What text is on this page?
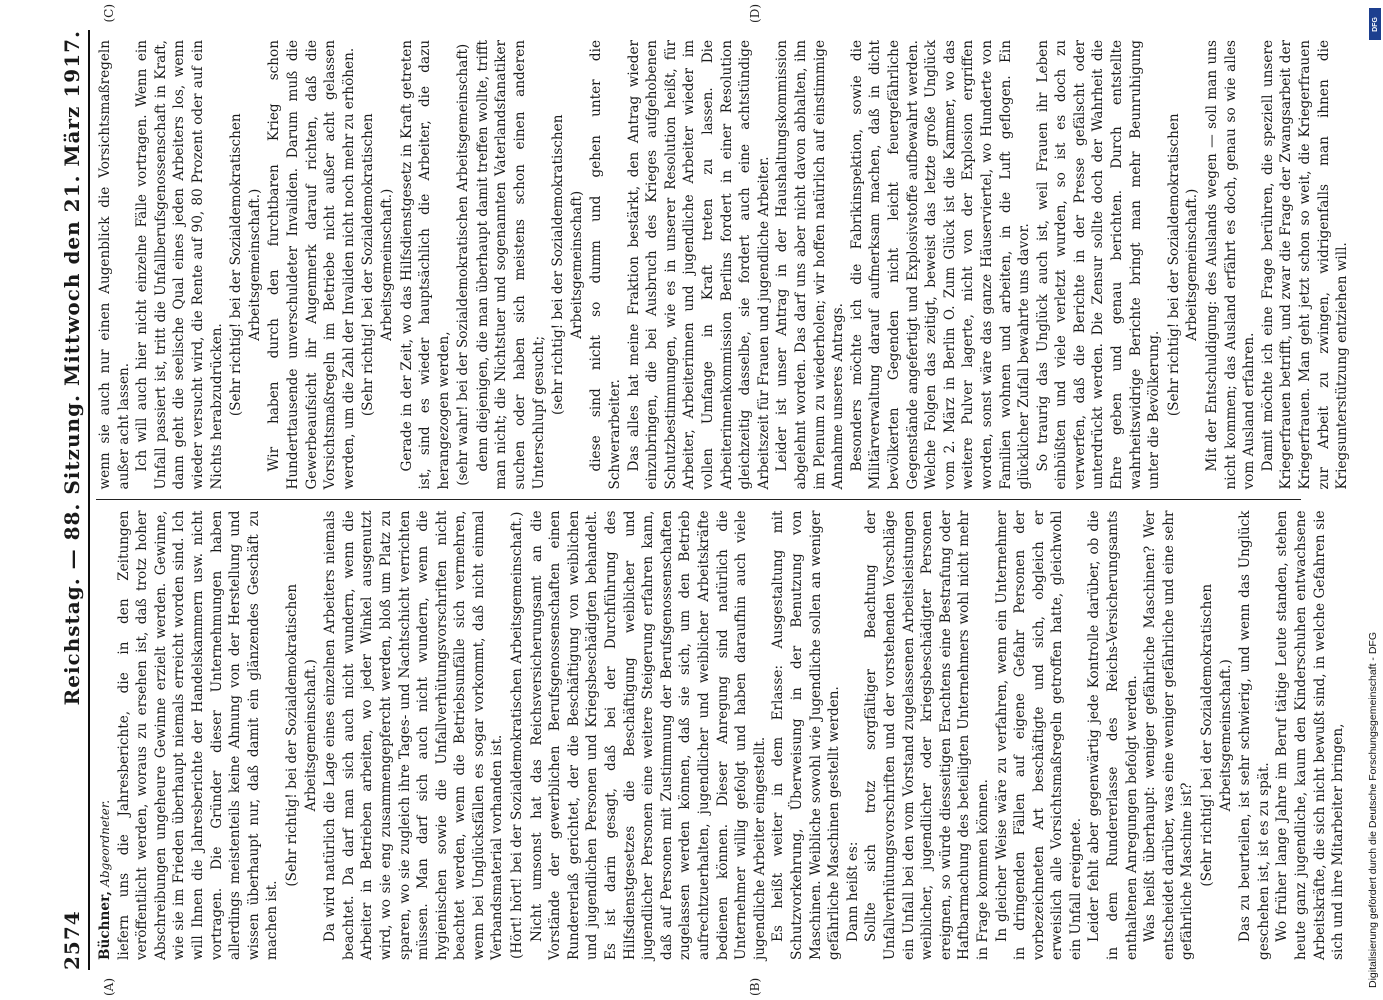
2574
Reichstag. — 88. Sitzung. Mittwoch den 21. März 1917.
(A)	(B)

Büchner, Abgeordneter. liefern uns die Jahresberichte, die in den Zeitungen veröffentlicht werden, woraus zu ersehen ist, daß trotz hoher Abschreibungen ungeheure Gewinne erzielt werden. Gewinne, wie sie im Frieden überhaupt niemals erreicht worden sind. Ich will Ihnen die Jahresberichte der Handelskammern usw. nicht vortragen. Die Gründer dieser Unternehmungen haben allerdings meistenteils keine Ahnung von der Herstellung und wissen überhaupt nur, daß damit ein glänzendes Geschäft zu machen ist.

(Sehr richtig! bei der Sozialdemokratischen Arbeitsgemeinschaft.) Da wird natürlich die Lage eines einzelnen Arbeiters niemals beachtet. Da darf man sich auch nicht wundern, wenn die Arbeiter in Betrieben arbeiten, wo jeder Winkel ausgenutzt wird, wo sie eng zusammengepfercht werden, bloß um Platz zu sparen, wo sie zugleich ihre Tages- und Nachtschicht verrichten müssen. Man darf sich auch nicht wundern, wenn die hygienischen sowie die Unfallverhütungsvorschriften nicht beachtet werden, wenn die Betriebsunfälle sich vermehren, wenn bei Unglücksfällen es sogar vorkommt, daß nicht einmal Verbandsmaterial vorhanden ist. (Hört! hört! bei der Sozialdemokratischen Arbeitsgemeinschaft.) Nicht umsonst hat das Reichsversicherungsamt an die Vorstände der gewerblichen Berufsgenossenschaften einen Rundererlaß gerichtet, der die Beschäftigung von weiblichen und jugendlichen Personen und Kriegsbeschädigten behandelt. Es ist darin gesagt, daß bei der Durchführung des Hilfsdienstgesetzes die Beschäftigung weiblicher und jugendlicher Personen eine weitere Steigerung erfahren kann, daß auf Personen mit Zustimmung der Berufsgenossenschaften zugelassen werden können, daß sie sich, um den Betrieb aufrechtzuerhalten, jugendlicher und weiblicher Arbeitskräfte bedienen können. Dieser Anregung sind natürlich die Unternehmer willig gefolgt und haben daraufhin auch viele jugendliche Arbeiter eingestellt. Es heißt weiter in dem Erlasse: Ausgestaltung mit Schutzvorkehrung, Überweisung in der Benutzung von Maschinen. Weibliche sowohl wie Jugendliche sollen an weniger gefährliche Maschinen gestellt werden. Dann heißt es: Sollte sich trotz sorgfältiger Beachtung der Unfallverhütungsvorschriften und der vorstehenden Vorschläge ein Unfall bei den vom Vorstand zugelassenen Arbeitsleistungen weiblicher, jugendlicher oder kriegsbeschädigter Personen ereignen, so würde diesseitigen Erachtens eine Bestrafung oder Haftbarmachung des beteiligten Unternehmers wohl nicht mehr in Frage kommen können. In gleicher Weise wäre zu verfahren, wenn ein Unternehmer in dringenden Fällen auf eigene Gefahr Personen der vorbezeichneten Art beschäftigte und sich, obgleich er erweislich alle Vorsichtsmaßregeln getroffen hatte, gleichwohl ein Unfall ereignete. Leider fehlt aber gegenwärtig jede Kontrolle darüber, ob die in dem Rundererlasse des Reichs-Versicherungsamts enthaltenen Anregungen befolgt werden. Was heißt überhaupt: weniger gefährliche Maschinen? Wer entscheidet darüber, was eine weniger gefährliche und eine sehr gefährliche Maschine ist? (Sehr richtig! bei der Sozialdemokratischen Arbeitsgemeinschaft.) Das zu beurteilen, ist sehr schwierig, und wenn das Unglück geschehen ist, ist es zu spät. Wo früher lange Jahre im Beruf tätige Leute standen, stehen heute ganz jugendliche, kaum den Kinderschuhen entwachsene Arbeitskräfte, die sich nicht bewußt sind, in welche Gefahren sie sich und ihre Mitarbeiter bringen,

(C)	(D)

wenn sie auch nur einen Augenblick die Vorsichtsmaßregeln außer acht lassen. Ich will auch hier nicht einzelne Fälle vortragen. Wenn ein Unfall passiert ist, tritt die Unfallberufsgenossenschaft in Kraft, dann geht die seelische Qual eines jeden Arbeiters los, wenn wieder versucht wird, die Rente auf 90, 80 Prozent oder auf ein Nichts herabzudrücken. (Sehr richtig! bei der Sozialdemokratischen Arbeitsgemeinschaft.) Wir haben durch den furchtbaren Krieg schon Hunderttausende unverschuldeter Invaliden. Darum muß die Gewerbeaufsicht ihr Augenmerk darauf richten, daß die Vorsichtsmaßregeln im Betriebe nicht außer acht gelassen werden, um die Zahl der Invaliden nicht noch mehr zu erhöhen. (Sehr richtig! bei der Sozialdemokratischen Arbeitsgemeinschaft.) Gerade in der Zeit, wo das Hilfsdienstgesetz in Kraft getreten ist, sind es wieder hauptsächlich die Arbeiter, die dazu herangezogen werden, (sehr wahr! bei der Sozialdemokratischen Arbeitsgemeinschaft) denn diejenigen, die man überhaupt damit treffen wollte, trifft man nicht; die Nichtstuer und sogenannten Vaterlandsfanatiker suchen oder haben sich meistens schon einen anderen Unterschlupf gesucht; (sehr richtig! bei der Sozialdemokratischen Arbeitsgemeinschaft) diese sind nicht so dumm und gehen unter die Schwerarbeiter. Das alles hat meine Fraktion bestärkt, den Antrag wieder einzubringen, die bei Ausbruch des Krieges aufgehobenen Schutzbestimmungen, wie es in unserer Resolution heißt, für Arbeiter, Arbeiterinnen und jugendliche Arbeiter wieder im vollen Umfange in Kraft treten zu lassen. Die Arbeiterinnenkommission Berlins fordert in einer Resolution gleichzeitig dasselbe, sie fordert auch eine achtstündige Arbeitszeit für Frauen und jugendliche Arbeiter. Leider ist unser Antrag in der Haushaltungskommission abgelehnt worden. Das darf uns aber nicht davon abhalten, ihn im Plenum zu wiederholen; wir hoffen natürlich auf einstimmige Annahme unseres Antrags. Besonders möchte ich die Fabrikinspektion, sowie die Militärverwaltung darauf aufmerksam machen, daß in dicht bevölkerten Gegenden nicht leicht feuergefährliche Gegenstände angefertigt und Explosivstoffe aufbewahrt werden. Welche Folgen das zeitigt, beweist das letzte große Unglück vom 2. März in Berlin O. Zum Glück ist die Kammer, wo das weitere Pulver lagerte, nicht von der Explosion ergriffen worden, sonst wäre das ganze Häuserviertel, wo Hunderte von Familien wohnen und arbeiten, in die Luft geflogen. Ein glücklicher Zufall bewahrte uns davor. So traurig das Unglück auch ist, weil Frauen ihr Leben einbüßten und viele verletzt wurden, so ist es doch zu verwerfen, daß die Berichte in der Presse gefälscht oder unterdrückt werden. Die Zensur sollte doch der Wahrheit die Ehre geben und genau berichten. Durch entstellte wahrheitswidrige Berichte bringt man mehr Beunruhigung unter die Bevölkerung. (Sehr richtig! bei der Sozialdemokratischen Arbeitsgemeinschaft.) Mit der Entschuldigung: des Auslands wegen — soll man uns nicht kommen; das Ausland erfährt es doch, genau so wie alles vom Ausland erfahren. Damit möchte ich eine Frage berühren, die speziell unsere Kriegerfrauen betrifft, und zwar die Frage der Zwangsarbeit der Kriegerfrauen. Man geht jetzt schon so weit, die Kriegerfrauen zur Arbeit zu zwingen, widrigenfalls man ihnen die Kriegsunterstützung entziehen will.

Digitalisierung gefördert durch die Deutsche Forschungsgemeinschaft - DFG
DFG
